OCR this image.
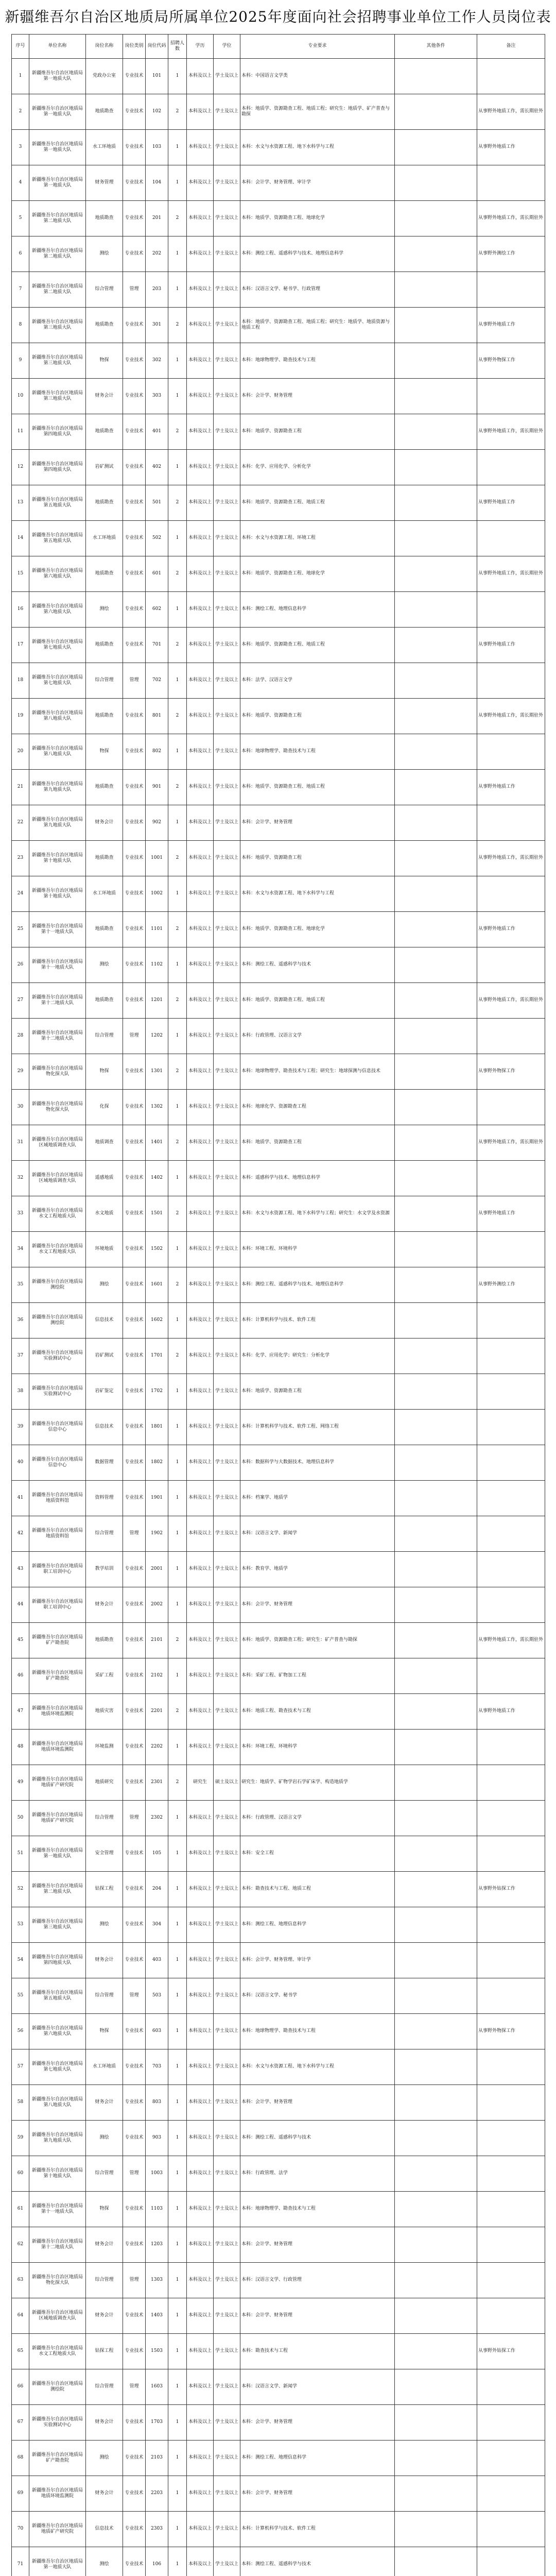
新疆维吾尔自治区地质局所属单位2025年度面向社会招聘事业单位工作人员岗位表
序号	单位名称	岗位名称	岗位类别	岗位代码	招聘人数	学历	学位	专业要求	其他条件	备注
1	新疆维吾尔自治区地质局第一地质大队	党政办公室	专业技术	101	1	本科及以上	学士及以上	本科：中国语言文学类		
2	新疆维吾尔自治区地质局第一地质大队	地质勘查	专业技术	102	2	本科及以上	学士及以上	本科：地质学、资源勘查工程、地质工程；研究生：地质学、矿产普查与勘探		从事野外地质工作，需长期驻外
3	新疆维吾尔自治区地质局第一地质大队	水工环地质	专业技术	103	1	本科及以上	学士及以上	本科：水文与水资源工程、地下水科学与工程		从事野外地质工作
4	新疆维吾尔自治区地质局第一地质大队	财务管理	专业技术	104	1	本科及以上	学士及以上	本科：会计学、财务管理、审计学		
5	新疆维吾尔自治区地质局第二地质大队	地质勘查	专业技术	201	2	本科及以上	学士及以上	本科：地质学、资源勘查工程、地球化学		从事野外地质工作，需长期驻外
6	新疆维吾尔自治区地质局第二地质大队	测绘	专业技术	202	1	本科及以上	学士及以上	本科：测绘工程、遥感科学与技术、地理信息科学		从事野外测绘工作
7	新疆维吾尔自治区地质局第二地质大队	综合管理	管理	203	1	本科及以上	学士及以上	本科：汉语言文学、秘书学、行政管理		
8	新疆维吾尔自治区地质局第三地质大队	地质勘查	专业技术	301	2	本科及以上	学士及以上	本科：地质学、资源勘查工程、地质工程；研究生：地质学、地质资源与地质工程		从事野外地质工作
9	新疆维吾尔自治区地质局第三地质大队	物探	专业技术	302	1	本科及以上	学士及以上	本科：地球物理学、勘查技术与工程		从事野外物探工作
10	新疆维吾尔自治区地质局第三地质大队	财务会计	专业技术	303	1	本科及以上	学士及以上	本科：会计学、财务管理		
11	新疆维吾尔自治区地质局第四地质大队	地质勘查	专业技术	401	2	本科及以上	学士及以上	本科：地质学、资源勘查工程		从事野外地质工作，需长期驻外
12	新疆维吾尔自治区地质局第四地质大队	岩矿测试	专业技术	402	1	本科及以上	学士及以上	本科：化学、应用化学、分析化学		
13	新疆维吾尔自治区地质局第五地质大队	地质勘查	专业技术	501	2	本科及以上	学士及以上	本科：地质学、资源勘查工程、地质工程		从事野外地质工作
14	新疆维吾尔自治区地质局第五地质大队	水工环地质	专业技术	502	1	本科及以上	学士及以上	本科：水文与水资源工程、环境工程		
15	新疆维吾尔自治区地质局第六地质大队	地质勘查	专业技术	601	2	本科及以上	学士及以上	本科：地质学、资源勘查工程、地球化学		从事野外地质工作，需长期驻外
16	新疆维吾尔自治区地质局第六地质大队	测绘	专业技术	602	1	本科及以上	学士及以上	本科：测绘工程、地理信息科学		
17	新疆维吾尔自治区地质局第七地质大队	地质勘查	专业技术	701	2	本科及以上	学士及以上	本科：地质学、资源勘查工程、地质工程		从事野外地质工作
18	新疆维吾尔自治区地质局第七地质大队	综合管理	管理	702	1	本科及以上	学士及以上	本科：法学、汉语言文学		
19	新疆维吾尔自治区地质局第八地质大队	地质勘查	专业技术	801	2	本科及以上	学士及以上	本科：地质学、资源勘查工程		从事野外地质工作，需长期驻外
20	新疆维吾尔自治区地质局第八地质大队	物探	专业技术	802	1	本科及以上	学士及以上	本科：地球物理学、勘查技术与工程		
21	新疆维吾尔自治区地质局第九地质大队	地质勘查	专业技术	901	2	本科及以上	学士及以上	本科：地质学、资源勘查工程、地质工程		从事野外地质工作
22	新疆维吾尔自治区地质局第九地质大队	财务会计	专业技术	902	1	本科及以上	学士及以上	本科：会计学、财务管理		
23	新疆维吾尔自治区地质局第十地质大队	地质勘查	专业技术	1001	2	本科及以上	学士及以上	本科：地质学、资源勘查工程		从事野外地质工作，需长期驻外
24	新疆维吾尔自治区地质局第十地质大队	水工环地质	专业技术	1002	1	本科及以上	学士及以上	本科：水文与水资源工程、地下水科学与工程		
25	新疆维吾尔自治区地质局第十一地质大队	地质勘查	专业技术	1101	2	本科及以上	学士及以上	本科：地质学、资源勘查工程、地球化学		从事野外地质工作
26	新疆维吾尔自治区地质局第十一地质大队	测绘	专业技术	1102	1	本科及以上	学士及以上	本科：测绘工程、遥感科学与技术		
27	新疆维吾尔自治区地质局第十二地质大队	地质勘查	专业技术	1201	2	本科及以上	学士及以上	本科：地质学、资源勘查工程、地质工程		从事野外地质工作，需长期驻外
28	新疆维吾尔自治区地质局第十二地质大队	综合管理	管理	1202	1	本科及以上	学士及以上	本科：行政管理、汉语言文学		
29	新疆维吾尔自治区地质局物化探大队	物探	专业技术	1301	2	本科及以上	学士及以上	本科：地球物理学、勘查技术与工程；研究生：地球探测与信息技术		从事野外物探工作
30	新疆维吾尔自治区地质局物化探大队	化探	专业技术	1302	1	本科及以上	学士及以上	本科：地球化学、资源勘查工程		
31	新疆维吾尔自治区地质局区域地质调查大队	地质调查	专业技术	1401	2	本科及以上	学士及以上	本科：地质学、资源勘查工程		从事野外地质工作，需长期驻外
32	新疆维吾尔自治区地质局区域地质调查大队	遥感地质	专业技术	1402	1	本科及以上	学士及以上	本科：遥感科学与技术、地理信息科学		
33	新疆维吾尔自治区地质局水文工程地质大队	水文地质	专业技术	1501	2	本科及以上	学士及以上	本科：水文与水资源工程、地下水科学与工程；研究生：水文学及水资源		从事野外地质工作
34	新疆维吾尔自治区地质局水文工程地质大队	环境地质	专业技术	1502	1	本科及以上	学士及以上	本科：环境工程、环境科学		
35	新疆维吾尔自治区地质局测绘院	测绘	专业技术	1601	2	本科及以上	学士及以上	本科：测绘工程、遥感科学与技术、地理信息科学		从事野外测绘工作
36	新疆维吾尔自治区地质局测绘院	信息技术	专业技术	1602	1	本科及以上	学士及以上	本科：计算机科学与技术、软件工程		
37	新疆维吾尔自治区地质局实验测试中心	岩矿测试	专业技术	1701	2	本科及以上	学士及以上	本科：化学、应用化学；研究生：分析化学		
38	新疆维吾尔自治区地质局实验测试中心	岩矿鉴定	专业技术	1702	1	本科及以上	学士及以上	本科：地质学、资源勘查工程		
39	新疆维吾尔自治区地质局信息中心	信息技术	专业技术	1801	1	本科及以上	学士及以上	本科：计算机科学与技术、软件工程、网络工程		
40	新疆维吾尔自治区地质局信息中心	数据管理	专业技术	1802	1	本科及以上	学士及以上	本科：数据科学与大数据技术、地理信息科学		
41	新疆维吾尔自治区地质局地质资料馆	资料管理	专业技术	1901	1	本科及以上	学士及以上	本科：档案学、地质学		
42	新疆维吾尔自治区地质局地质资料馆	综合管理	管理	1902	1	本科及以上	学士及以上	本科：汉语言文学、新闻学		
43	新疆维吾尔自治区地质局职工培训中心	教学培训	专业技术	2001	1	本科及以上	学士及以上	本科：教育学、地质学		
44	新疆维吾尔自治区地质局职工培训中心	财务会计	专业技术	2002	1	本科及以上	学士及以上	本科：会计学、财务管理		
45	新疆维吾尔自治区地质局矿产勘查院	地质勘查	专业技术	2101	2	本科及以上	学士及以上	本科：地质学、资源勘查工程；研究生：矿产普查与勘探		从事野外地质工作，需长期驻外
46	新疆维吾尔自治区地质局矿产勘查院	采矿工程	专业技术	2102	1	本科及以上	学士及以上	本科：采矿工程、矿物加工工程		
47	新疆维吾尔自治区地质局地质环境监测院	地质灾害	专业技术	2201	2	本科及以上	学士及以上	本科：地质工程、勘查技术与工程		从事野外地质工作
48	新疆维吾尔自治区地质局地质环境监测院	环境监测	专业技术	2202	1	本科及以上	学士及以上	本科：环境工程、环境科学		
49	新疆维吾尔自治区地质局地质矿产研究院	地质研究	专业技术	2301	2	研究生	硕士及以上	研究生：地质学、矿物学岩石学矿床学、构造地质学		
50	新疆维吾尔自治区地质局地质矿产研究院	综合管理	管理	2302	1	本科及以上	学士及以上	本科：行政管理、汉语言文学		
51	新疆维吾尔自治区地质局第一地质大队	安全管理	专业技术	105	1	本科及以上	学士及以上	本科：安全工程		
52	新疆维吾尔自治区地质局第二地质大队	钻探工程	专业技术	204	1	本科及以上	学士及以上	本科：勘查技术与工程、地质工程		从事野外钻探工作
53	新疆维吾尔自治区地质局第三地质大队	测绘	专业技术	304	1	本科及以上	学士及以上	本科：测绘工程、地理信息科学		
54	新疆维吾尔自治区地质局第四地质大队	财务会计	专业技术	403	1	本科及以上	学士及以上	本科：会计学、财务管理、审计学		
55	新疆维吾尔自治区地质局第五地质大队	综合管理	管理	503	1	本科及以上	学士及以上	本科：汉语言文学、秘书学		
56	新疆维吾尔自治区地质局第六地质大队	物探	专业技术	603	1	本科及以上	学士及以上	本科：地球物理学、勘查技术与工程		从事野外物探工作
57	新疆维吾尔自治区地质局第七地质大队	水工环地质	专业技术	703	1	本科及以上	学士及以上	本科：水文与水资源工程、地下水科学与工程		
58	新疆维吾尔自治区地质局第八地质大队	财务会计	专业技术	803	1	本科及以上	学士及以上	本科：会计学、财务管理		
59	新疆维吾尔自治区地质局第九地质大队	测绘	专业技术	903	1	本科及以上	学士及以上	本科：测绘工程、遥感科学与技术		
60	新疆维吾尔自治区地质局第十地质大队	综合管理	管理	1003	1	本科及以上	学士及以上	本科：行政管理、法学		
61	新疆维吾尔自治区地质局第十一地质大队	物探	专业技术	1103	1	本科及以上	学士及以上	本科：地球物理学、勘查技术与工程		
62	新疆维吾尔自治区地质局第十二地质大队	财务会计	专业技术	1203	1	本科及以上	学士及以上	本科：会计学、财务管理		
63	新疆维吾尔自治区地质局物化探大队	综合管理	管理	1303	1	本科及以上	学士及以上	本科：汉语言文学、行政管理		
64	新疆维吾尔自治区地质局区域地质调查大队	财务会计	专业技术	1403	1	本科及以上	学士及以上	本科：会计学、财务管理		
65	新疆维吾尔自治区地质局水文工程地质大队	钻探工程	专业技术	1503	1	本科及以上	学士及以上	本科：勘查技术与工程		从事野外钻探工作
66	新疆维吾尔自治区地质局测绘院	综合管理	管理	1603	1	本科及以上	学士及以上	本科：汉语言文学、新闻学		
67	新疆维吾尔自治区地质局实验测试中心	财务会计	专业技术	1703	1	本科及以上	学士及以上	本科：会计学、财务管理		
68	新疆维吾尔自治区地质局矿产勘查院	测绘	专业技术	2103	1	本科及以上	学士及以上	本科：测绘工程、地理信息科学		
69	新疆维吾尔自治区地质局地质环境监测院	财务会计	专业技术	2203	1	本科及以上	学士及以上	本科：会计学、财务管理		
70	新疆维吾尔自治区地质局地质矿产研究院	信息技术	专业技术	2303	1	本科及以上	学士及以上	本科：计算机科学与技术、软件工程		
71	新疆维吾尔自治区地质局第一地质大队	测绘	专业技术	106	1	本科及以上	学士及以上	本科：测绘工程、遥感科学与技术		
